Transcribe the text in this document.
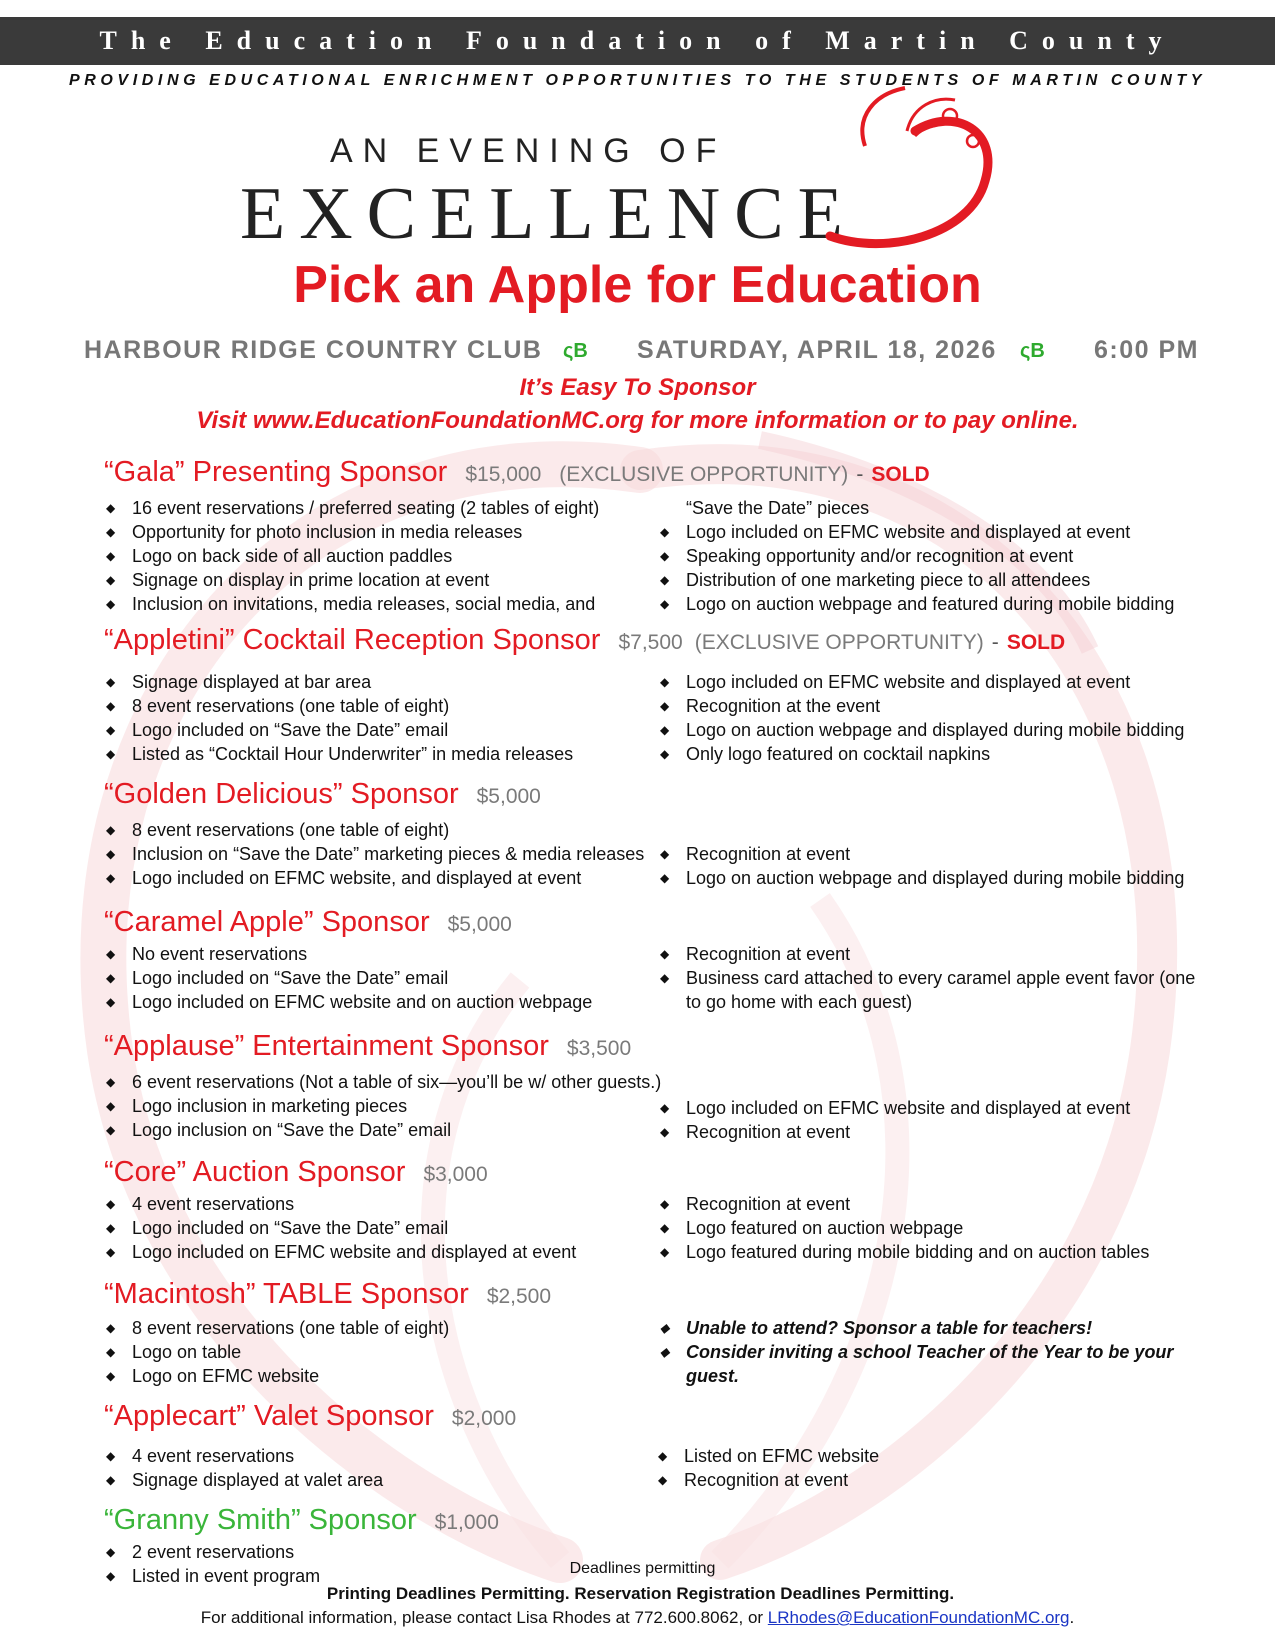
The Education Foundation of Martin County
PROVIDING EDUCATIONAL ENRICHMENT OPPORTUNITIES TO THE STUDENTS OF MARTIN COUNTY
AN EVENING OF
EXCELLENCE
Pick an Apple for Education
HARBOUR RIDGE COUNTRY CLUB ςΒ SATURDAY, APRIL 18, 2026 ςΒ 6:00 PM
It’s Easy To Sponsor
Visit www.EducationFoundationMC.org for more information or to pay online.
“Gala” Presenting Sponsor $15,000 (EXCLUSIVE OPPORTUNITY) - SOLD
◆ 16 event reservations / preferred seating (2 tables of eight)
◆ Opportunity for photo inclusion in media releases
◆ Logo on back side of all auction paddles
◆ Signage on display in prime location at event
◆ Inclusion on invitations, media releases, social media, and
“Save the Date” pieces
◆ Logo included on EFMC website and displayed at event
◆ Speaking opportunity and/or recognition at event
◆ Distribution of one marketing piece to all attendees
◆ Logo on auction webpage and featured during mobile bidding
“Appletini” Cocktail Reception Sponsor $7,500 (EXCLUSIVE OPPORTUNITY) - SOLD
◆ Signage displayed at bar area
◆ 8 event reservations (one table of eight)
◆ Logo included on “Save the Date” email
◆ Listed as “Cocktail Hour Underwriter” in media releases
◆ Logo included on EFMC website and displayed at event
◆ Recognition at the event
◆ Logo on auction webpage and displayed during mobile bidding
◆ Only logo featured on cocktail napkins
“Golden Delicious” Sponsor $5,000
◆ 8 event reservations (one table of eight)
◆ Inclusion on “Save the Date” marketing pieces & media releases
◆ Logo included on EFMC website, and displayed at event
◆ Recognition at event
◆ Logo on auction webpage and displayed during mobile bidding
“Caramel Apple” Sponsor $5,000
◆ No event reservations
◆ Logo included on “Save the Date” email
◆ Logo included on EFMC website and on auction webpage
◆ Recognition at event
◆ Business card attached to every caramel apple event favor (one to go home with each guest)
“Applause” Entertainment Sponsor $3,500
◆ 6 event reservations (Not a table of six—you’ll be w/ other guests.)
◆ Logo inclusion in marketing pieces
◆ Logo inclusion on “Save the Date” email
◆ Logo included on EFMC website and displayed at event
◆ Recognition at event
“Core” Auction Sponsor $3,000
◆ 4 event reservations
◆ Logo included on “Save the Date” email
◆ Logo included on EFMC website and displayed at event
◆ Recognition at event
◆ Logo featured on auction webpage
◆ Logo featured during mobile bidding and on auction tables
“Macintosh” TABLE Sponsor $2,500
◆ 8 event reservations (one table of eight)
◆ Logo on table
◆ Logo on EFMC website
◆ Unable to attend? Sponsor a table for teachers!
◆ Consider inviting a school Teacher of the Year to be your guest.
“Applecart” Valet Sponsor $2,000
◆ 4 event reservations
◆ Signage displayed at valet area
◆ Listed on EFMC website
◆ Recognition at event
“Granny Smith” Sponsor $1,000
◆ 2 event reservations
◆ Listed in event program	Deadlines permitting
Printing Deadlines Permitting. Reservation Registration Deadlines Permitting.
For additional information, please contact Lisa Rhodes at 772.600.8062, or LRhodes@EducationFoundationMC.org.
